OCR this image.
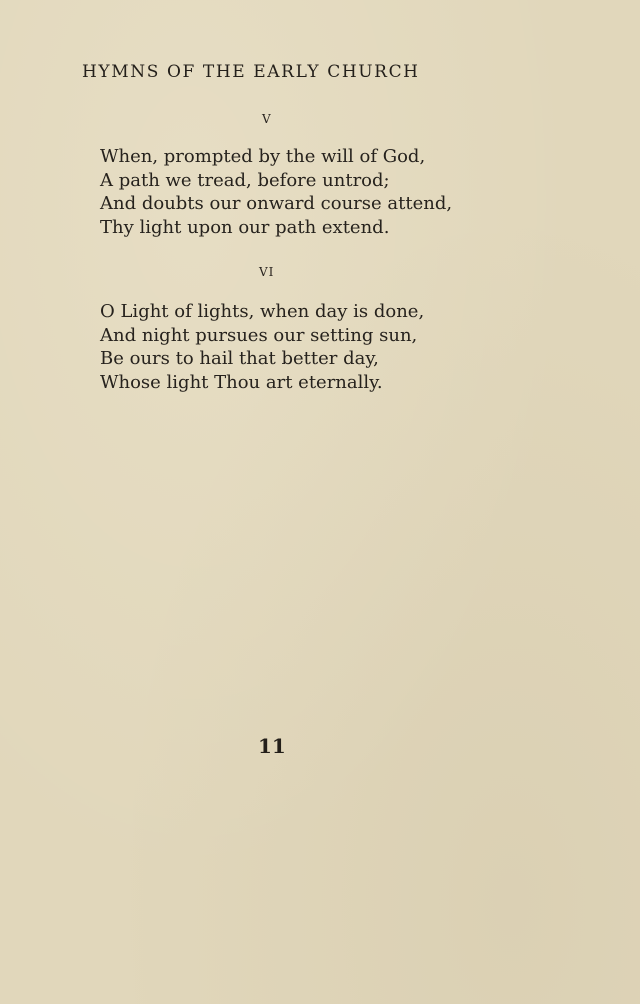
HYMNS OF THE EARLY CHURCH
V
When, prompted by the will of God,
A path we tread, before untrod;
And doubts our onward course attend,
Thy light upon our path extend.
VI
O Light of lights, when day is done,
And night pursues our setting sun,
Be ours to hail that better day,
Whose light Thou art eternally.
11
